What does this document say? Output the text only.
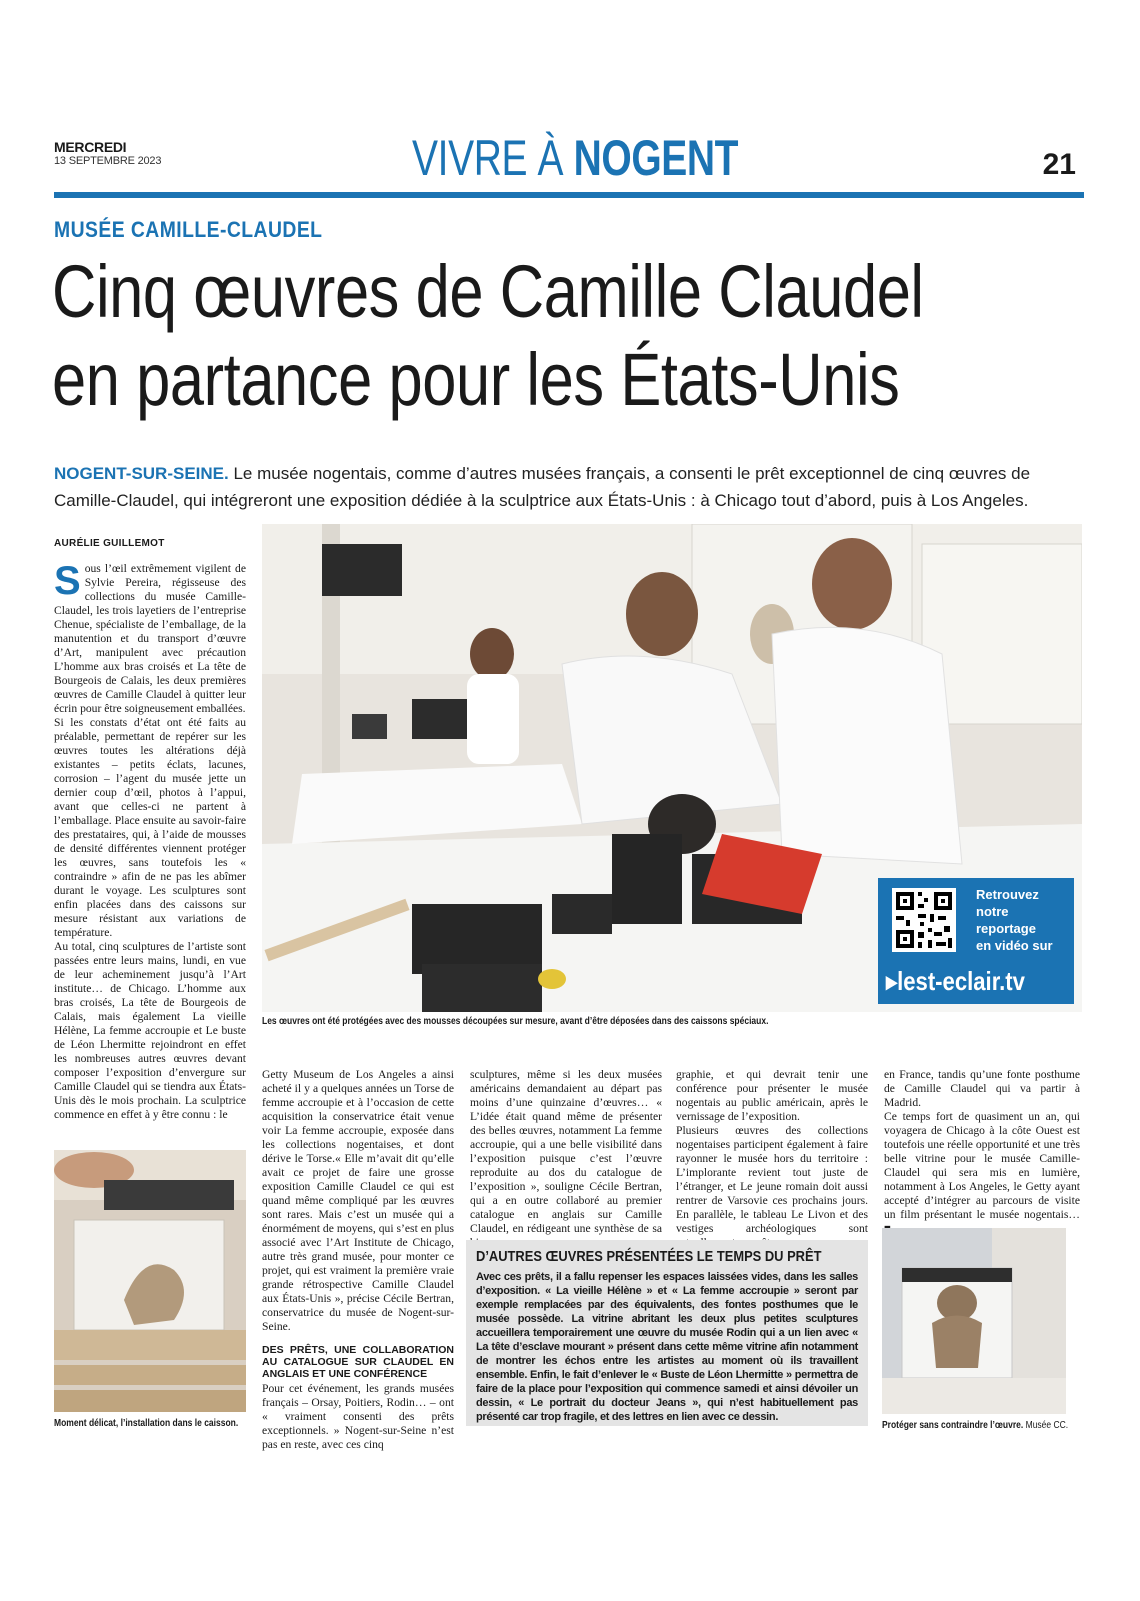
MERCREDI
13 SEPTEMBRE 2023	VIVRE À NOGENT	21
MUSÉE CAMILLE-CLAUDEL
Cinq œuvres de Camille Claudel
en partance pour les États-Unis
NOGENT-SUR-SEINE. Le musée nogentais, comme d’autres musées français, a consenti le prêt exceptionnel de cinq œuvres de Camille-Claudel, qui intégreront une exposition dédiée à la sculptrice aux États-Unis : à Chicago tout d’abord, puis à Los Angeles.
AURÉLIE GUILLEMOT

Sous l’œil extrêmement vigilent de Sylvie Pereira, régisseuse des collections du musée Camille-Claudel, les trois layetiers de l’entreprise Chenue, spécialiste de l’emballage, de la manutention et du transport d’œuvre d’Art, manipulent avec précaution L’homme aux bras croisés et La tête de Bourgeois de Calais, les deux premières œuvres de Camille Claudel à quitter leur écrin pour être soigneusement emballées.

Si les constats d’état ont été faits au préalable, permettant de repérer sur les œuvres toutes les altérations déjà existantes – petits éclats, lacunes, corrosion – l’agent du musée jette un dernier coup d’œil, photos à l’appui, avant que celles-ci ne partent à l’emballage. Place ensuite au savoir-faire des prestataires, qui, à l’aide de mousses de densité différentes viennent protéger les œuvres, sans toutefois les « contraindre » afin de ne pas les abîmer durant le voyage. Les sculptures sont enfin placées dans des caissons sur mesure résistant aux variations de température.

Au total, cinq sculptures de l’artiste sont passées entre leurs mains, lundi, en vue de leur acheminement jusqu’à l’Art institute… de Chicago. L’homme aux bras croisés, La tête de Bourgeois de Calais, mais également La vieille Hélène, La femme accroupie et Le buste de Léon Lhermitte rejoindront en effet les nombreuses autres œuvres devant composer l’exposition d’envergure sur Camille Claudel qui se tiendra aux États-Unis dès le mois prochain. La sculptrice commence en effet à y être connu : le

Les œuvres ont été protégées avec des mousses découpées sur mesure, avant d’être déposées dans des caissons spéciaux.
Retrouvez
notre
reportage
en vidéo sur
▸lest-eclair.tv
Moment délicat, l’installation dans le caisson.

Getty Museum de Los Angeles a ainsi acheté il y a quelques années un Torse de femme accroupie et à l’occasion de cette acquisition la conservatrice était venue voir La femme accroupie, exposée dans les collections nogentaises, et dont dérive le Torse.« Elle m’avait dit qu’elle avait ce projet de faire une grosse exposition Camille Claudel ce qui est quand même compliqué par les œuvres sont rares. Mais c’est un musée qui a énormément de moyens, qui s’est en plus associé avec l’Art Institute de Chicago, autre très grand musée, pour monter ce projet, qui est vraiment la première vraie grande rétrospective Camille Claudel aux États-Unis », précise Cécile Bertran, conservatrice du musée de Nogent-sur-Seine.

DES PRÊTS, UNE COLLABORATION AU CATALOGUE SUR CLAUDEL EN ANGLAIS ET UNE CONFÉRENCE

Pour cet événement, les grands musées français – Orsay, Poitiers, Rodin… – ont « vraiment consenti des prêts exceptionnels. » Nogent-sur-Seine n’est pas en reste, avec ces cinq

sculptures, même si les deux musées américains demandaient au départ pas moins d’une quinzaine d’œuvres… « L’idée était quand même de présenter des belles œuvres, notamment La femme accroupie, qui a une belle visibilité dans l’exposition puisque c’est l’œuvre reproduite au dos du catalogue de l’exposition », souligne Cécile Bertran, qui a en outre collaboré au premier catalogue en anglais sur Camille Claudel, en rédigeant une synthèse de sa

graphie, et qui devrait tenir une conférence pour présenter le musée nogentais au public américain, après le vernissage de l’exposition.

Plusieurs œuvres des collections nogentaises participent également à faire rayonner le musée hors du territoire : L’implorante revient tout juste de l’étranger, et Le jeune romain doit aussi rentrer de Varsovie ces prochains jours. En parallèle, le tableau Le Livon et des vestiges archéologiques sont

en France, tandis qu’une fonte posthume de Camille Claudel qui va partir à Madrid.

Ce temps fort de quasiment un an, qui voyagera de Chicago à la côte Ouest est toutefois une réelle opportunité et une très belle vitrine pour le musée Camille-Claudel qui sera mis en lumière, notamment à Los Angeles, le Getty ayant accepté d’intégrer au parcours de visite un film présentant le musée nogentais…

D’AUTRES ŒUVRES PRÉSENTÉES LE TEMPS DU PRÊT
Avec ces prêts, il a fallu repenser les espaces laissées vides, dans les salles d’exposition. « La vieille Hélène » et « La femme accroupie » seront par exemple remplacées par des équivalents, des fontes posthumes que le musée possède. La vitrine abritant les deux plus petites sculptures accueillera temporairement une œuvre du musée Rodin qui a un lien avec « La tête d’esclave mourant » présent dans cette même vitrine afin notamment de montrer les échos entre les artistes au moment où ils travaillent ensemble. Enfin, le fait d’enlever le « Buste de Léon Lhermitte » permettra de faire de la place pour l’exposition qui commence samedi et ainsi dévoiler un dessin, « Le portrait du docteur Jeans », qui n’est habituellement pas présenté car trop fragile, et des lettres en lien avec ce dessin.
Protéger sans contraindre l’œuvre. Musée CC.
